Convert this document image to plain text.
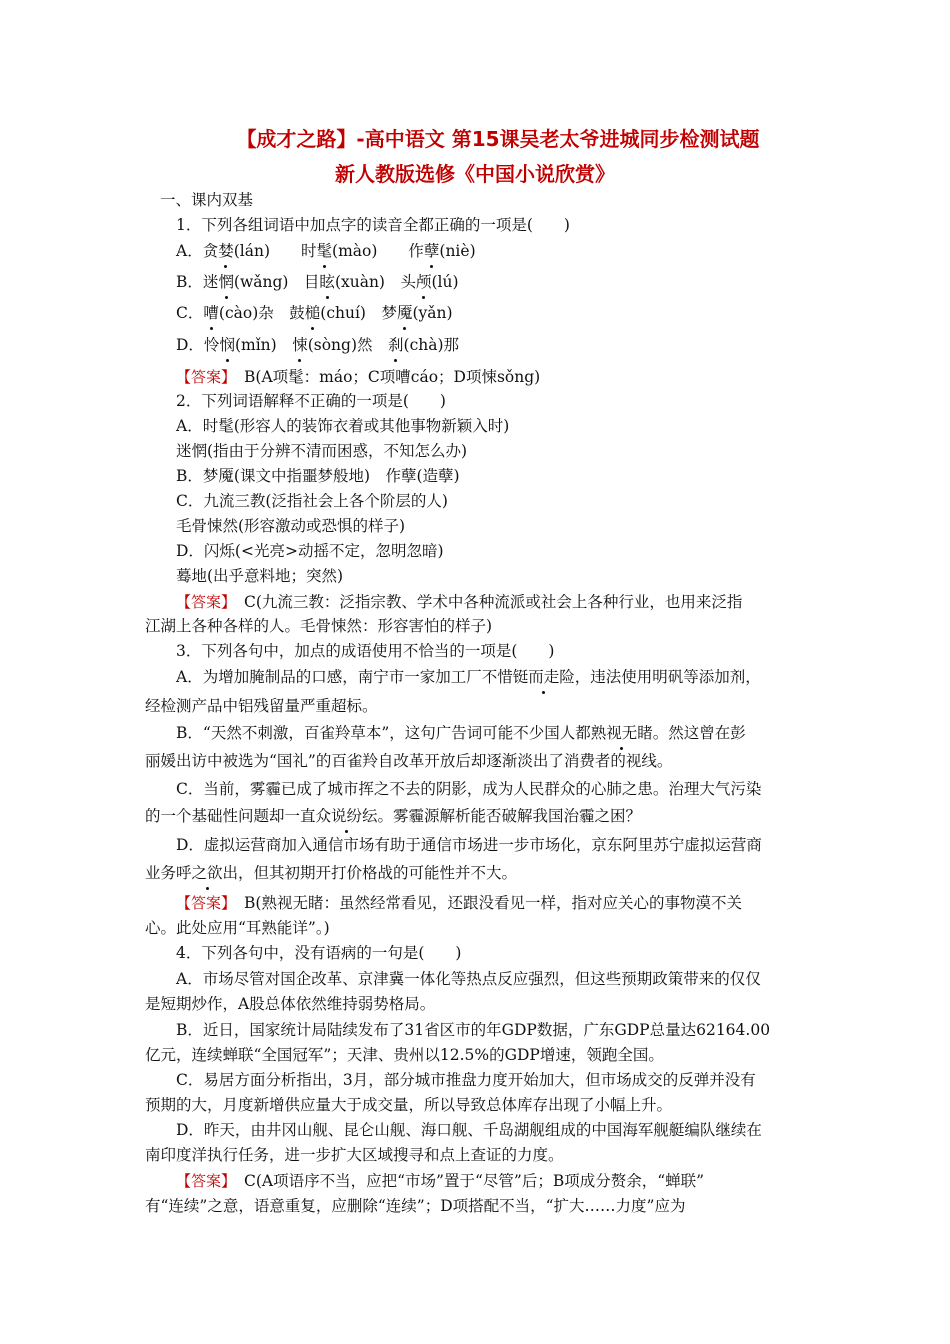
【成才之路】-高中语文 第15课吴老太爷进城同步检测试题
新人教版选修《中国小说欣赏》
一、课内双基
1．下列各组词语中加点字的读音全都正确的一项是(　　)
A．贪婪(lán)　　时髦(mào)　　作孽(niè)
B．迷惘(wǎng)　目眩(xuàn)　头颅(lú)
C．嘈(cào)杂　鼓槌(chuí)　梦魇(yǎn)
D．怜悯(mǐn)　悚(sòng)然　刹(chà)那
【答案】　B(A项髦：máo；C项嘈cáo；D项悚sǒng)
2．下列词语解释不正确的一项是(　　)
A．时髦(形容人的装饰衣着或其他事物新颖入时)
迷惘(指由于分辨不清而困惑，不知怎么办)
B．梦魇(课文中指噩梦般地)　作孽(造孽)
C．九流三教(泛指社会上各个阶层的人)
毛骨悚然(形容激动或恐惧的样子)
D．闪烁(<光亮>动摇不定，忽明忽暗)
蓦地(出乎意料地；突然)
【答案】　C(九流三教：泛指宗教、学术中各种流派或社会上各种行业，也用来泛指
江湖上各种各样的人。毛骨悚然：形容害怕的样子)
3．下列各句中，加点的成语使用不恰当的一项是(　　)
A．为增加腌制品的口感，南宁市一家加工厂不惜铤而走险，违法使用明矾等添加剂，
经检测产品中铝残留量严重超标。
B．“天然不刺激，百雀羚草本”，这句广告词可能不少国人都熟视无睹。然这曾在彭
丽媛出访中被选为“国礼”的百雀羚自改革开放后却逐渐淡出了消费者的视线。
C．当前，雾霾已成了城市挥之不去的阴影，成为人民群众的心肺之患。治理大气污染
的一个基础性问题却一直众说纷纭。雾霾源解析能否破解我国治霾之困？
D．虚拟运营商加入通信市场有助于通信市场进一步市场化，京东阿里苏宁虚拟运营商
业务呼之欲出，但其初期开打价格战的可能性并不大。
【答案】　B(熟视无睹：虽然经常看见，还跟没看见一样，指对应关心的事物漠不关
心。此处应用“耳熟能详”。)
4．下列各句中，没有语病的一句是(　　)
A．市场尽管对国企改革、京津冀一体化等热点反应强烈，但这些预期政策带来的仅仅
是短期炒作，A股总体依然维持弱势格局。
B．近日，国家统计局陆续发布了31省区市的年GDP数据，广东GDP总量达62164.00
亿元，连续蝉联“全国冠军”；天津、贵州以12.5%的GDP增速，领跑全国。
C．易居方面分析指出，3月，部分城市推盘力度开始加大，但市场成交的反弹并没有
预期的大，月度新增供应量大于成交量，所以导致总体库存出现了小幅上升。
D．昨天，由井冈山舰、昆仑山舰、海口舰、千岛湖舰组成的中国海军舰艇编队继续在
南印度洋执行任务，进一步扩大区域搜寻和点上查证的力度。
【答案】　C(A项语序不当，应把“市场”置于“尽管”后；B项成分赘余，“蝉联”
有“连续”之意，语意重复，应删除“连续”；D项搭配不当，“扩大……力度”应为
